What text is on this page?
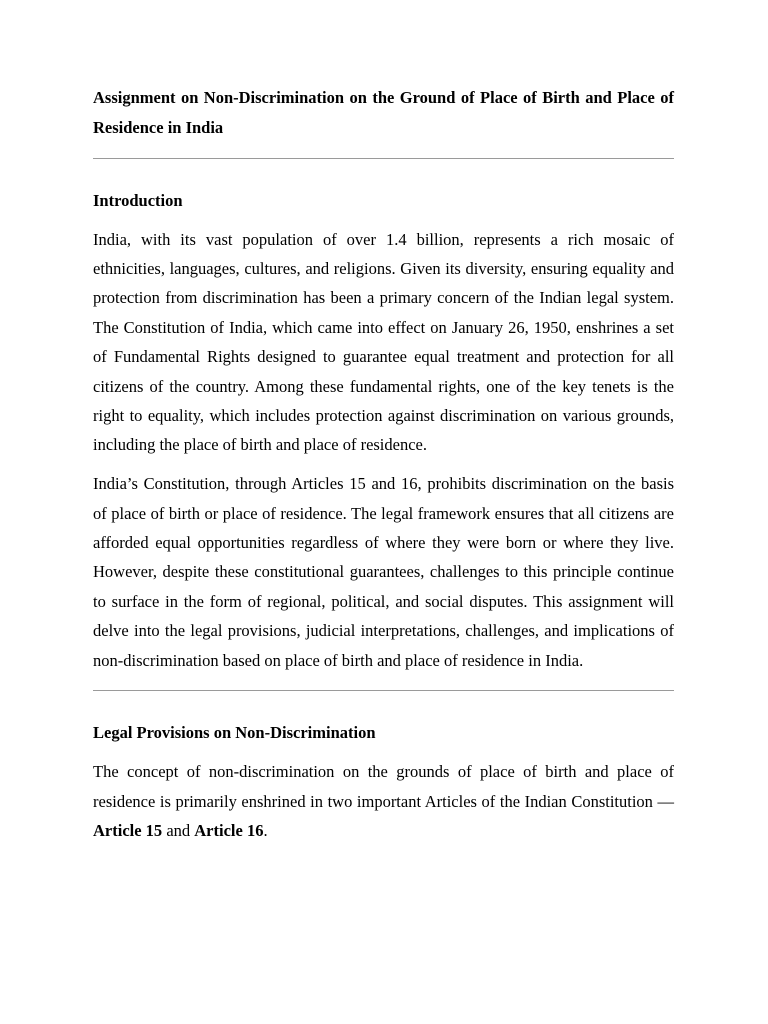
Assignment on Non-Discrimination on the Ground of Place of Birth and Place of Residence in India
Introduction

India, with its vast population of over 1.4 billion, represents a rich mosaic of ethnicities, languages, cultures, and religions. Given its diversity, ensuring equality and protection from discrimination has been a primary concern of the Indian legal system. The Constitution of India, which came into effect on January 26, 1950, enshrines a set of Fundamental Rights designed to guarantee equal treatment and protection for all citizens of the country. Among these fundamental rights, one of the key tenets is the right to equality, which includes protection against discrimination on various grounds, including the place of birth and place of residence.

India’s Constitution, through Articles 15 and 16, prohibits discrimination on the basis of place of birth or place of residence. The legal framework ensures that all citizens are afforded equal opportunities regardless of where they were born or where they live. However, despite these constitutional guarantees, challenges to this principle continue to surface in the form of regional, political, and social disputes. This assignment will delve into the legal provisions, judicial interpretations, challenges, and implications of non-discrimination based on place of birth and place of residence in India.

Legal Provisions on Non-Discrimination

The concept of non-discrimination on the grounds of place of birth and place of residence is primarily enshrined in two important Articles of the Indian Constitution — Article 15 and Article 16.
